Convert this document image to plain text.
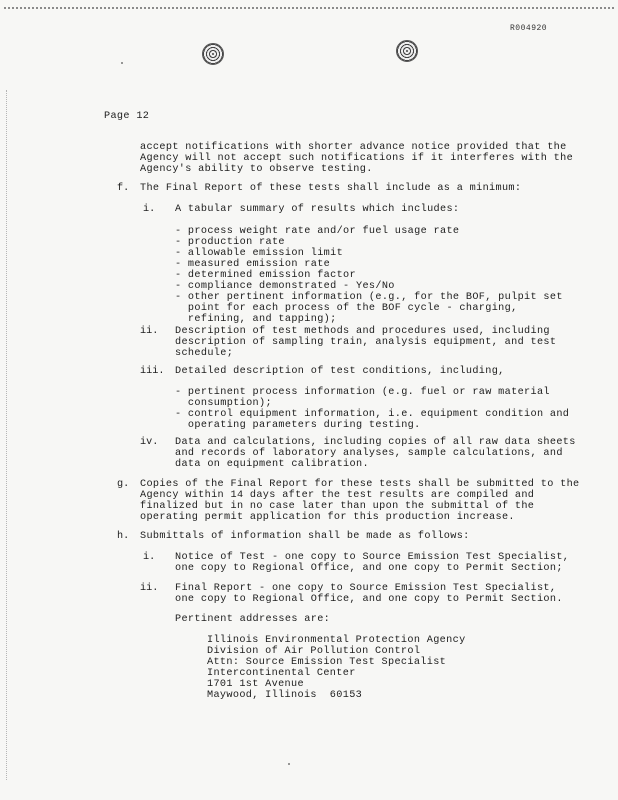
R004920
Page 12
accept notifications with shorter advance notice provided that the
Agency will not accept such notifications if it interferes with the
Agency's ability to observe testing.
f. The Final Report of these tests shall include as a minimum:
i. A tabular summary of results which includes:
- process weight rate and/or fuel usage rate
- production rate
- allowable emission limit
- measured emission rate
- determined emission factor
- compliance demonstrated - Yes/No
- other pertinent information (e.g., for the BOF, pulpit set
point for each process of the BOF cycle - charging,
refining, and tapping);
ii. Description of test methods and procedures used, including
description of sampling train, analysis equipment, and test
schedule;
iii. Detailed description of test conditions, including,
- pertinent process information (e.g. fuel or raw material
consumption);
- control equipment information, i.e. equipment condition and
operating parameters during testing.
iv. Data and calculations, including copies of all raw data sheets
and records of laboratory analyses, sample calculations, and
data on equipment calibration.
g. Copies of the Final Report for these tests shall be submitted to the
Agency within 14 days after the test results are compiled and
finalized but in no case later than upon the submittal of the
operating permit application for this production increase.
h. Submittals of information shall be made as follows:
i. Notice of Test - one copy to Source Emission Test Specialist,
one copy to Regional Office, and one copy to Permit Section;
ii. Final Report - one copy to Source Emission Test Specialist,
one copy to Regional Office, and one copy to Permit Section.
Pertinent addresses are:
Illinois Environmental Protection Agency
Division of Air Pollution Control
Attn: Source Emission Test Specialist
Intercontinental Center
1701 1st Avenue
Maywood, Illinois  60153
